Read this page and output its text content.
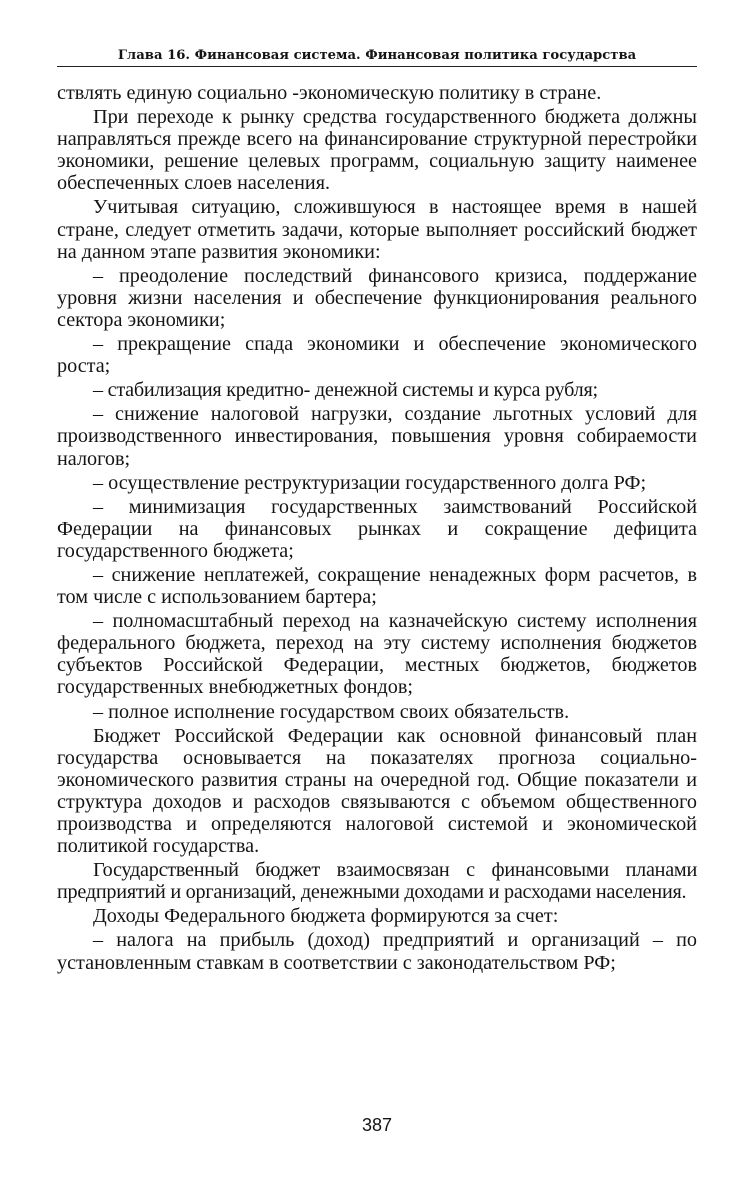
Глава 16. Финансовая система. Финансовая политика государства

ствлять единую социально -экономическую политику в стране.

При переходе к рынку средства государственного бюджета должны направляться прежде всего на финансирование структурной перестройки экономики, решение целевых программ, социальную защиту наименее обеспеченных слоев населения.

Учитывая ситуацию, сложившуюся в настоящее время в нашей стране, следует отметить задачи, которые выполняет российский бюджет на данном этапе развития экономики:

– преодоление последствий финансового кризиса, поддержание уровня жизни населения и обеспечение функционирования реального сектора экономики;

– прекращение спада экономики и обеспечение экономического роста;

– стабилизация кредитно- денежной системы и курса рубля;

– снижение налоговой нагрузки, создание льготных условий для производственного инвестирования, повышения уровня собираемости налогов;

– осуществление реструктуризации государственного долга РФ;

– минимизация государственных заимствований Российской Федерации на финансовых рынках и сокращение дефицита государственного бюджета;

– снижение неплатежей, сокращение ненадежных форм расчетов, в том числе с использованием бартера;

– полномасштабный переход на казначейскую систему исполнения федерального бюджета, переход на эту систему исполнения бюджетов субъектов Российской Федерации, местных бюджетов, бюджетов государственных внебюджетных фондов;

– полное исполнение государством своих обязательств.

Бюджет Российской Федерации как основной финансовый план государства основывается на показателях прогноза социально-экономического развития страны на очередной год. Общие показатели и структура доходов и расходов связываются с объемом общественного производства и определяются налоговой системой и экономической политикой государства.

Государственный бюджет взаимосвязан с финансовыми планами предприятий и организаций, денежными доходами и расходами населения.

Доходы Федерального бюджета формируются за счет:

– налога на прибыль (доход) предприятий и организаций – по установленным ставкам в соответствии с законодательством РФ;

387
